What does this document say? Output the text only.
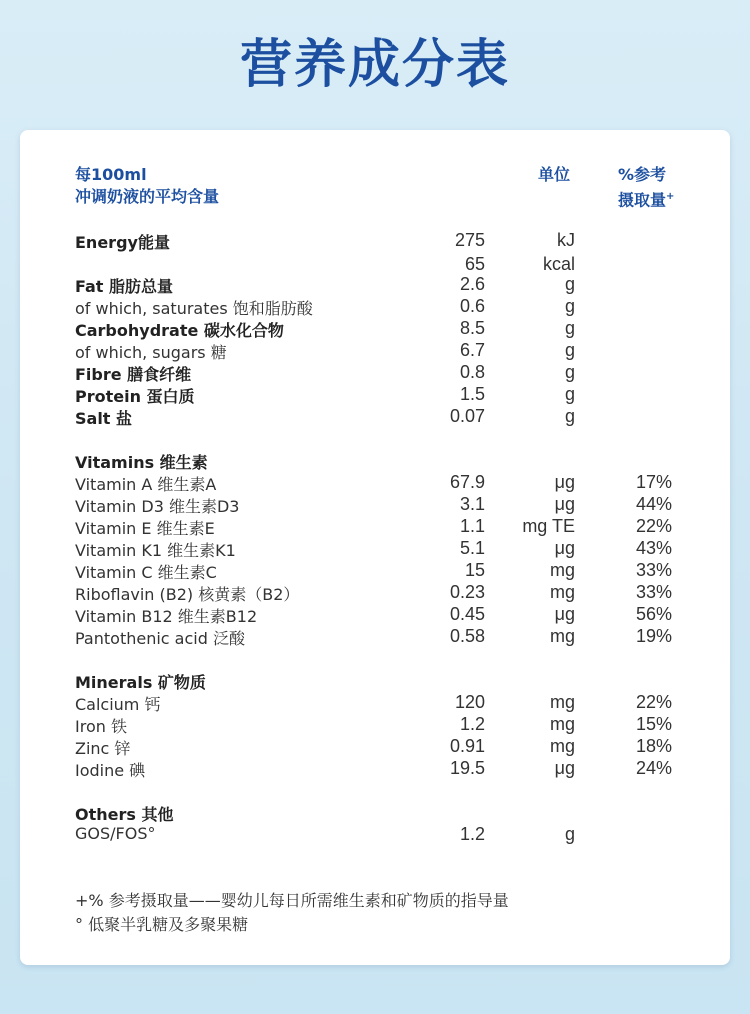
营养成分表
每100ml
冲调奶液的平均含量
单位	%参考
摄取量+
Energy能量	275	kJ
65	kcal
Fat 脂肪总量	2.6	g
of which, saturates 饱和脂肪酸	0.6	g
Carbohydrate 碳水化合物	8.5	g
of which, sugars 糖	6.7	g
Fibre 膳食纤维	0.8	g
Protein 蛋白质	1.5	g
Salt 盐	0.07	g
Vitamins 维生素
Vitamin A 维生素A	67.9	μg	17%
Vitamin D3 维生素D3	3.1	μg	44%
Vitamin E 维生素E	1.1	mg TE	22%
Vitamin K1 维生素K1	5.1	μg	43%
Vitamin C 维生素C	15	mg	33%
Riboflavin (B2) 核黄素（B2）	0.23	mg	33%
Vitamin B12 维生素B12	0.45	μg	56%
Pantothenic acid 泛酸	0.58	mg	19%
Minerals 矿物质
Calcium 钙	120	mg	22%
Iron 铁	1.2	mg	15%
Zinc 锌	0.91	mg	18%
Iodine 碘	19.5	μg	24%
Others 其他
GOS/FOS°	1.2	g
+% 参考摄取量——婴幼儿每日所需维生素和矿物质的指导量
° 低聚半乳糖及多聚果糖
